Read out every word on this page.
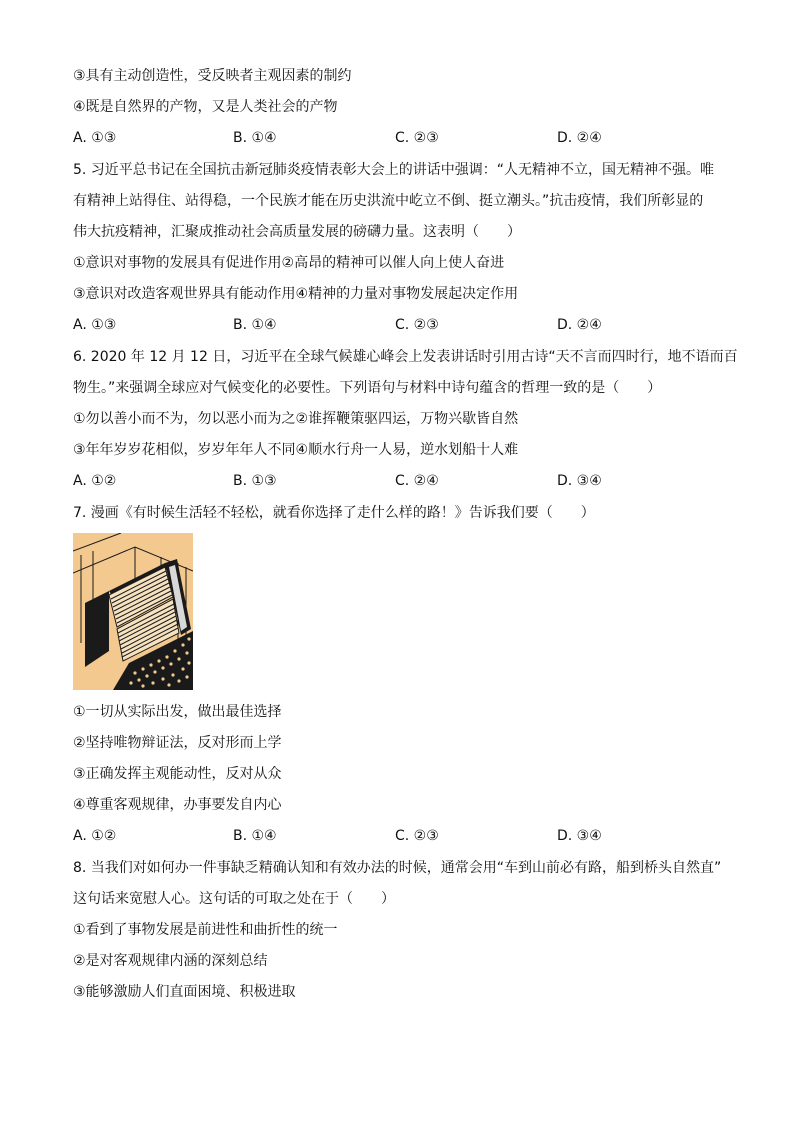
③具有主动创造性，受反映者主观因素的制约
④既是自然界的产物，又是人类社会的产物
A. ①③	B. ①④	C. ②③	D. ②④
5. 习近平总书记在全国抗击新冠肺炎疫情表彰大会上的讲话中强调：“人无精神不立，国无精神不强。唯
有精神上站得住、站得稳，一个民族才能在历史洪流中屹立不倒、挺立潮头。”抗击疫情，我们所彰显的
伟大抗疫精神，汇聚成推动社会高质量发展的磅礴力量。这表明（　　）
①意识对事物的发展具有促进作用②高昂的精神可以催人向上使人奋进
③意识对改造客观世界具有能动作用④精神的力量对事物发展起决定作用
A. ①③	B. ①④	C. ②③	D. ②④
6. 2020 年 12 月 12 日，习近平在全球气候雄心峰会上发表讲话时引用古诗“天不言而四时行，地不语而百
物生。”来强调全球应对气候变化的必要性。下列语句与材料中诗句蕴含的哲理一致的是（　　）
①勿以善小而不为，勿以恶小而为之②谁挥鞭策驱四运，万物兴歇皆自然
③年年岁岁花相似，岁岁年年人不同④顺水行舟一人易，逆水划船十人难
A. ①②	B. ①③	C. ②④	D. ③④
7. 漫画《有时候生活轻不轻松，就看你选择了走什么样的路！》告诉我们要（　　）
①一切从实际出发，做出最佳选择
②坚持唯物辩证法，反对形而上学
③正确发挥主观能动性，反对从众
④尊重客观规律，办事要发自内心
A. ①②	B. ①④	C. ②③	D. ③④
8. 当我们对如何办一件事缺乏精确认知和有效办法的时候，通常会用“车到山前必有路，船到桥头自然直”
这句话来宽慰人心。这句话的可取之处在于（　　）
①看到了事物发展是前进性和曲折性的统一
②是对客观规律内涵的深刻总结
③能够激励人们直面困境、积极进取
